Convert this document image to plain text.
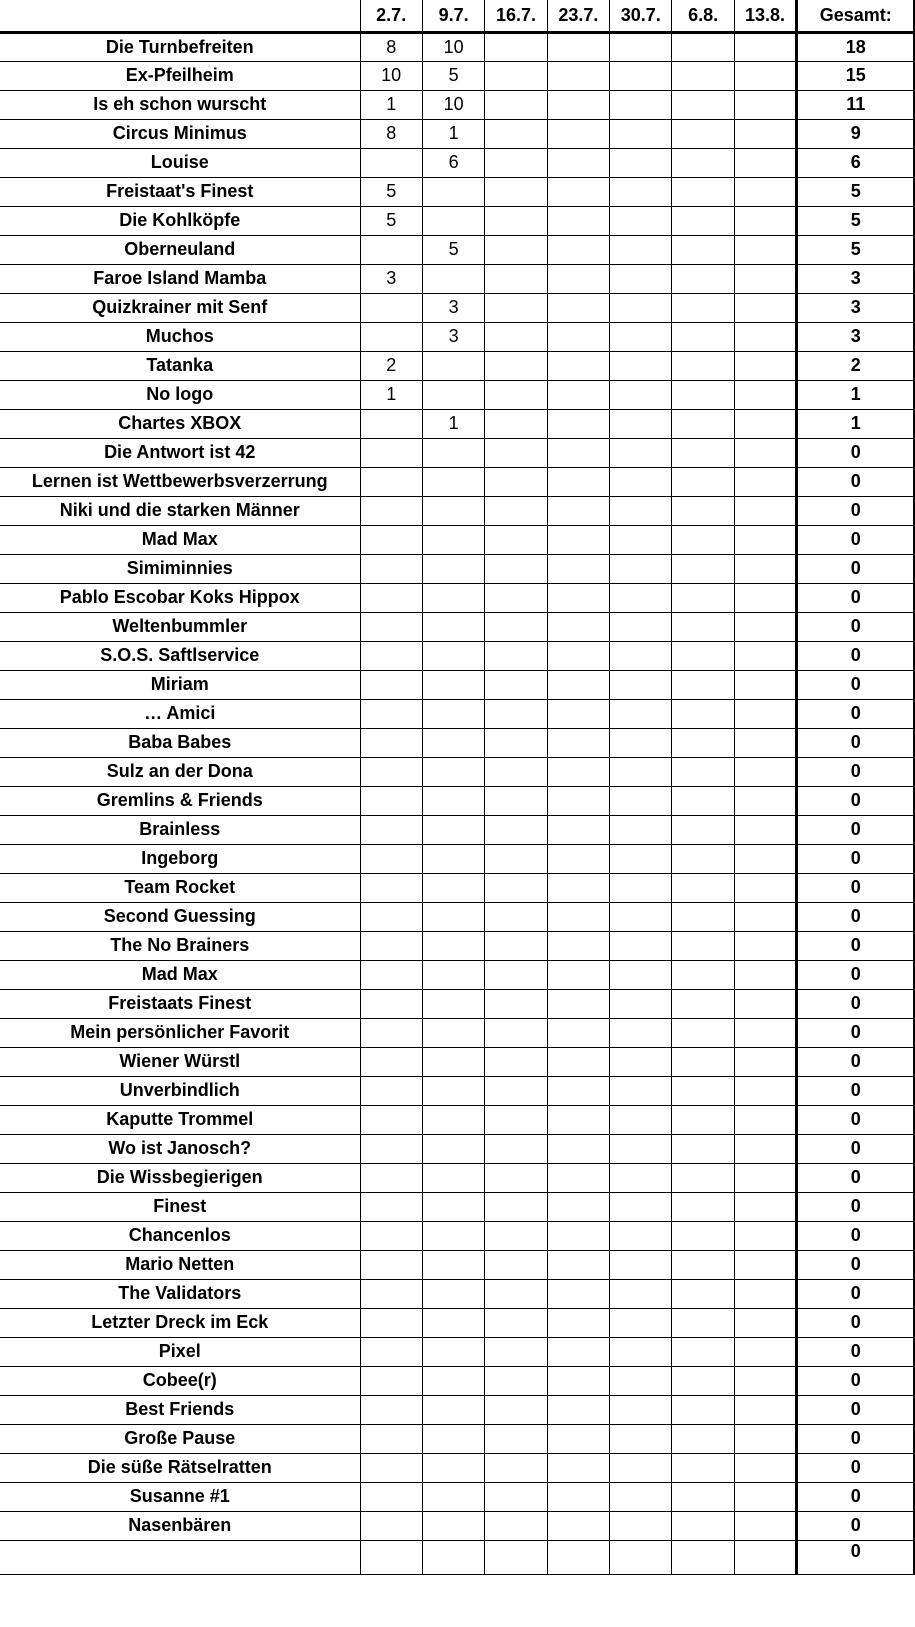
	2.7.	9.7.	16.7.	23.7.	30.7.	6.8.	13.8.	Gesamt:
Die Turnbefreiten	8	10						18
Ex-Pfeilheim	10	5						15
Is eh schon wurscht	1	10						11
Circus Minimus	8	1						9
Louise		6						6
Freistaat's Finest	5							5
Die Kohlköpfe	5							5
Oberneuland		5						5
Faroe Island Mamba	3							3
Quizkrainer mit Senf		3						3
Muchos		3						3
Tatanka	2							2
No logo	1							1
Chartes XBOX		1						1
Die Antwort ist 42								0
Lernen ist Wettbewerbsverzerrung								0
Niki und die starken Männer								0
Mad Max								0
Simiminnies								0
Pablo Escobar Koks Hippox								0
Weltenbummler								0
S.O.S. Saftlservice								0
Miriam								0
… Amici								0
Baba Babes								0
Sulz an der Dona								0
Gremlins & Friends								0
Brainless								0
Ingeborg								0
Team Rocket								0
Second Guessing								0
The No Brainers								0
Mad Max								0
Freistaats Finest								0
Mein persönlicher Favorit								0
Wiener Würstl								0
Unverbindlich								0
Kaputte Trommel								0
Wo ist Janosch?								0
Die Wissbegierigen								0
Finest								0
Chancenlos								0
Mario Netten								0
The Validators								0
Letzter Dreck im Eck								0
Pixel								0
Cobee(r)								0
Best Friends								0
Große Pause								0
Die süße Rätselratten								0
Susanne #1								0
Nasenbären								0
								0
